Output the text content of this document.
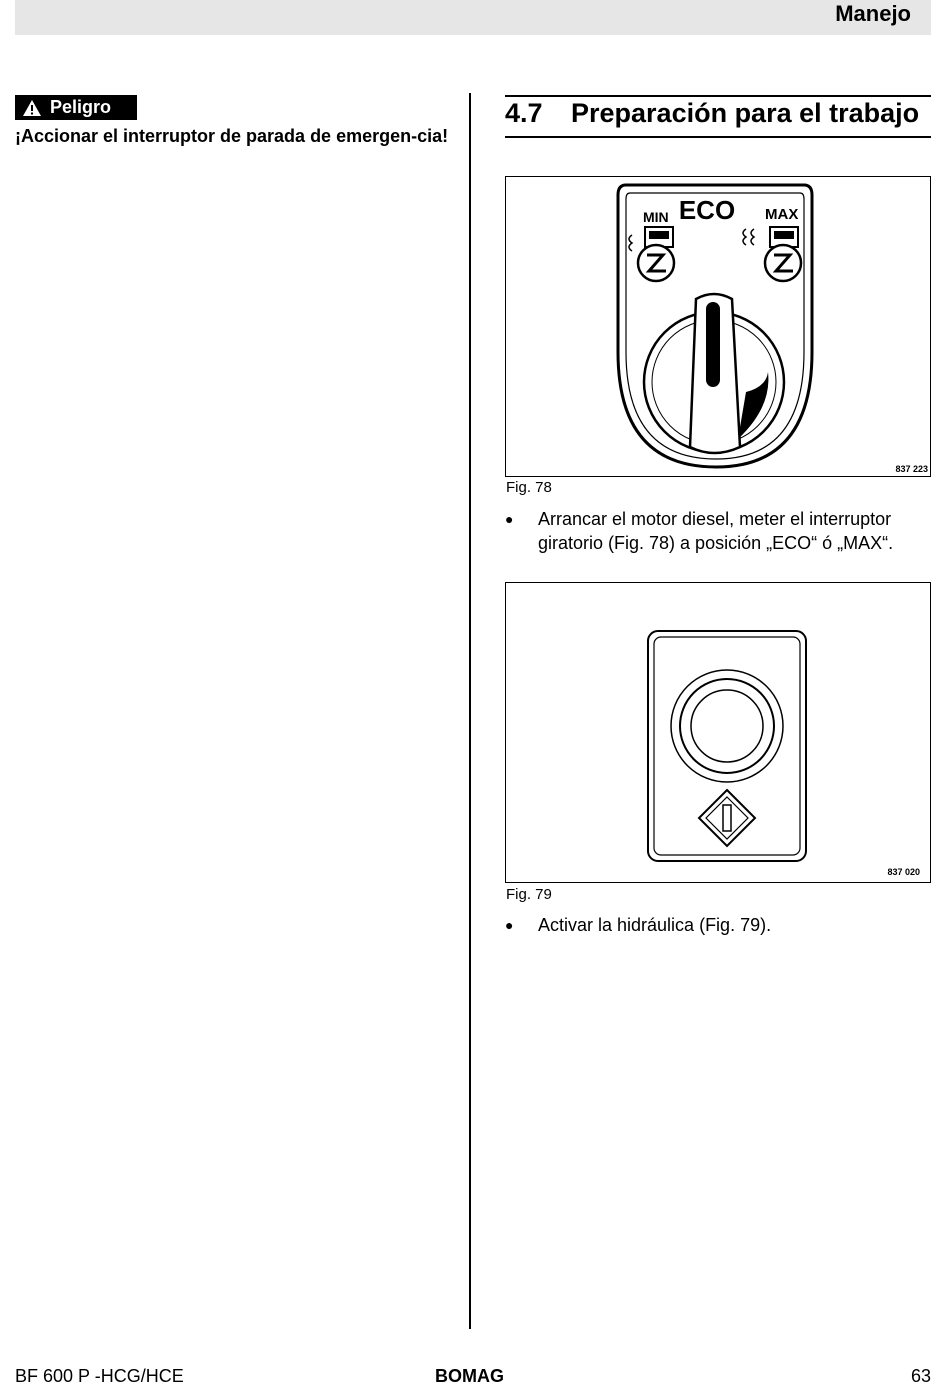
Manejo
Peligro
¡Accionar el interruptor de parada de emergen-cia!
4.7 Preparación para el trabajo
MIN ECO MAX
837 223
Fig. 78
●	Arrancar el motor diesel, meter el interruptor giratorio (Fig. 78) a posición „ECO“ ó „MAX“.
837 020
Fig. 79
●	Activar la hidráulica (Fig. 79).
BF 600 P -HCG/HCE	BOMAG	63
